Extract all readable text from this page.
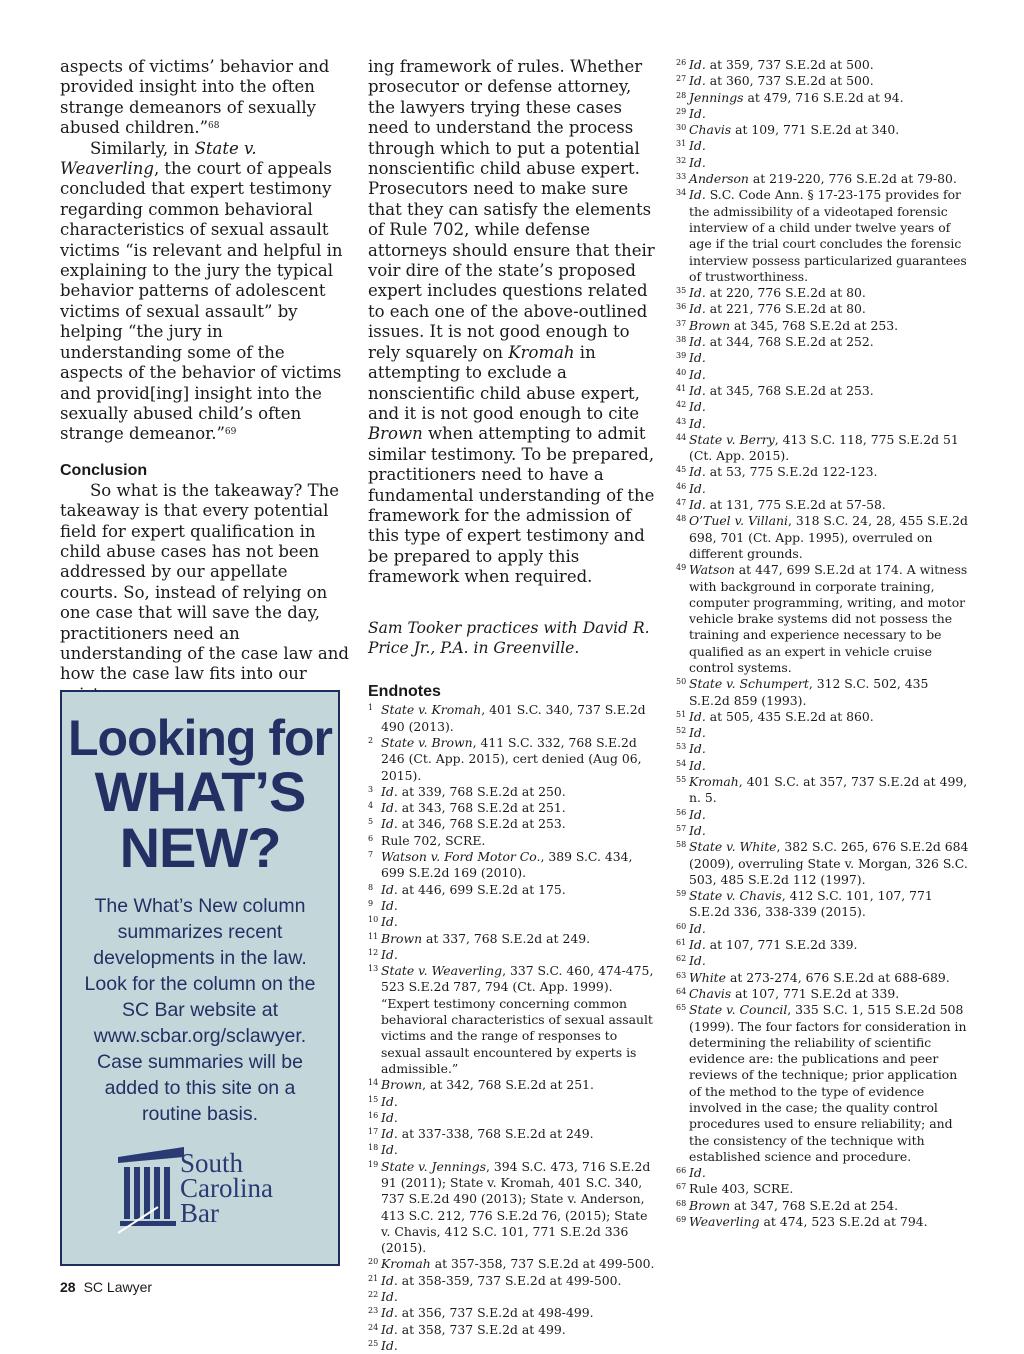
aspects of victims’ behavior and provided insight into the often strange demeanors of sexually abused children.”$^{68}$

Similarly, in State v. Weaverling, the court of appeals concluded that expert testimony regarding common behavioral characteristics of sexual assault victims “is relevant and helpful in explaining to the jury the typical behavior patterns of adolescent victims of sexual assault” by helping “the jury in understanding some of the aspects of the behavior of victims and provid[ing] insight into the sexually abused child’s often strange demeanor.”$^{69}$

Conclusion

So what is the takeaway? The takeaway is that every potential field for expert qualification in child abuse cases has not been addressed by our appellate courts. So, instead of relying on one case that will save the day, practitioners need an understanding of the case law and how the case law fits into our

ing framework of rules. Whether prosecutor or defense attorney, the lawyers trying these cases need to understand the process through which to put a potential nonscientific child abuse expert. Prosecutors need to make sure that they can satisfy the elements of Rule 702, while defense attorneys should ensure that their voir dire of the state’s proposed expert includes questions related to each one of the above-outlined issues. It is not good enough to rely squarely on Kromah in attempting to exclude a nonscientific child abuse expert, and it is not good enough to cite Brown when attempting to admit similar testimony. To be prepared, practitioners need to have a fundamental understanding of the framework for the admission of this type of expert testimony and be prepared to apply this framework when required.

Sam Tooker practices with David R. Price Jr., P.A. in Greenville.

Endnotes
1 State v. Kromah, 401 S.C. 340, 737 S.E.2d 490 (2013).
2 State v. Brown, 411 S.C. 332, 768 S.E.2d 246 (Ct. App. 2015), cert denied (Aug 06, 2015).
3 Id. at 339, 768 S.E.2d at 250.
4 Id. at 343, 768 S.E.2d at 251.
5 Id. at 346, 768 S.E.2d at 253.
6 Rule 702, SCRE.
7 Watson v. Ford Motor Co., 389 S.C. 434, 699 S.E.2d 169 (2010).
8 Id. at 446, 699 S.E.2d at 175.
9 Id.
10 Id.
11 Brown at 337, 768 S.E.2d at 249.
12 Id.
13 State v. Weaverling, 337 S.C. 460, 474-475, 523 S.E.2d 787, 794 (Ct. App. 1999). “Expert testimony concerning common behavioral characteristics of sexual assault victims and the range of responses to sexual assault encountered by experts is admissible.”
14 Brown, at 342, 768 S.E.2d at 251.
15 Id.
16 Id.
17 Id. at 337-338, 768 S.E.2d at 249.
18 Id.
19 State v. Jennings, 394 S.C. 473, 716 S.E.2d 91 (2011); State v. Kromah, 401 S.C. 340, 737 S.E.2d 490 (2013); State v. Anderson, 413 S.C. 212, 776 S.E.2d 76, (2015); State v. Chavis, 412 S.C. 101, 771 S.E.2d 336 (2015).
20 Kromah at 357-358, 737 S.E.2d at 499-500.
21 Id. at 358-359, 737 S.E.2d at 499-500.
22 Id.
23 Id. at 356, 737 S.E.2d at 498-499.
24 Id. at 358, 737 S.E.2d at 499.
25 Id.
26 Id. at 359, 737 S.E.2d at 500.
27 Id. at 360, 737 S.E.2d at 500.
28 Jennings at 479, 716 S.E.2d at 94.
29 Id.
30 Chavis at 109, 771 S.E.2d at 340.
31 Id.
32 Id.
33 Anderson at 219-220, 776 S.E.2d at 79-80.
34 Id. S.C. Code Ann. § 17-23-175 provides for the admissibility of a videotaped forensic interview of a child under twelve years of age if the trial court concludes the forensic interview possess particularized guarantees of trustworthiness.
35 Id. at 220, 776 S.E.2d at 80.
36 Id. at 221, 776 S.E.2d at 80.
37 Brown at 345, 768 S.E.2d at 253.
38 Id. at 344, 768 S.E.2d at 252.
39 Id.
40 Id.
41 Id. at 345, 768 S.E.2d at 253.
42 Id.
43 Id.
44 State v. Berry, 413 S.C. 118, 775 S.E.2d 51 (Ct. App. 2015).
45 Id. at 53, 775 S.E.2d 122-123.
46 Id.
47 Id. at 131, 775 S.E.2d at 57-58.
48 O’Tuel v. Villani, 318 S.C. 24, 28, 455 S.E.2d 698, 701 (Ct. App. 1995), overruled on different grounds.
49 Watson at 447, 699 S.E.2d at 174. A witness with background in corporate training, computer programming, writing, and motor vehicle brake systems did not possess the training and experience necessary to be qualified as an expert in vehicle cruise control systems.
50 State v. Schumpert, 312 S.C. 502, 435 S.E.2d 859 (1993).
51 Id. at 505, 435 S.E.2d at 860.
52 Id.
53 Id.
54 Id.
55 Kromah, 401 S.C. at 357, 737 S.E.2d at 499, n. 5.
56 Id.
57 Id.
58 State v. White, 382 S.C. 265, 676 S.E.2d 684 (2009), overruling State v. Morgan, 326 S.C. 503, 485 S.E.2d 112 (1997).
59 State v. Chavis, 412 S.C. 101, 107, 771 S.E.2d 336, 338-339 (2015).
60 Id.
61 Id. at 107, 771 S.E.2d 339.
62 Id.
63 White at 273-274, 676 S.E.2d at 688-689.
64 Chavis at 107, 771 S.E.2d at 339.
65 State v. Council, 335 S.C. 1, 515 S.E.2d 508 (1999). The four factors for consideration in determining the reliability of scientific evidence are: the publications and peer reviews of the technique; prior application of the method to the type of evidence involved in the case; the quality control procedures used to ensure reliability; and the consistency of the technique with established science and procedure.
66 Id.
67 Rule 403, SCRE.
68 Brown at 347, 768 S.E.2d at 254.
69 Weaverling at 474, 523 S.E.2d at 794.
Looking for
WHAT’S
NEW?

The What’s New column summarizes recent developments in the law. Look for the column on the SC Bar website at www.scbar.org/sclawyer. Case summaries will be added to this site on a routine basis.

South
Carolina
Bar
28 SC Lawyer
